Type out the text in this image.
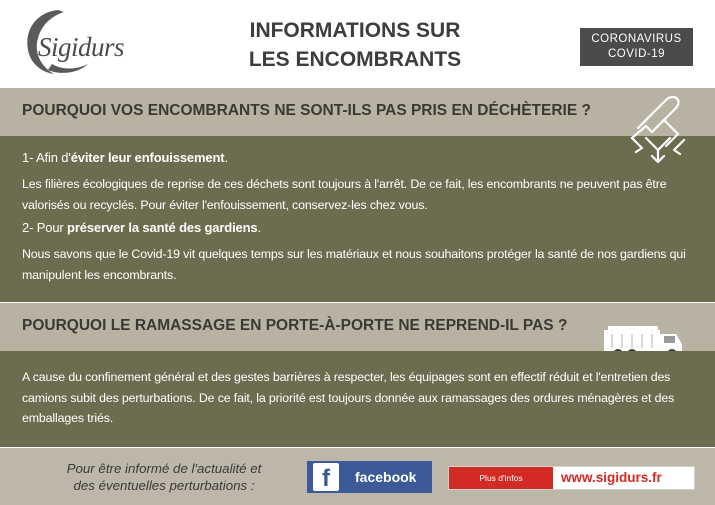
Sigidurs
INFORMATIONS SUR
LES ENCOMBRANTS
CORONAVIRUS
COVID-19
POURQUOI VOS ENCOMBRANTS NE SONT-ILS PAS PRIS EN DÉCHÈTERIE ?

1- Afin d'éviter leur enfouissement.

Les filières écologiques de reprise de ces déchets sont toujours à l'arrêt. De ce fait, les encombrants ne peuvent pas être valorisés ou recyclés. Pour éviter l'enfouissement, conservez-les chez vous.

2- Pour préserver la santé des gardiens.

Nous savons que le Covid-19 vit quelques temps sur les matériaux et nous souhaitons protéger la santé de nos gardiens qui manipulent les encombrants.

POURQUOI LE RAMASSAGE EN PORTE-À-PORTE NE REPREND-IL PAS ?

A cause du confinement général et des gestes barrières à respecter, les équipages sont en effectif réduit et l'entretien des camions subit des perturbations. De ce fait, la priorité est toujours donnée aux ramassages des ordures ménagères et des emballages triés.

Pour être informé de l'actualité et
des éventuelles perturbations :	f	facebook	Plus d'infos	www.sigidurs.fr
